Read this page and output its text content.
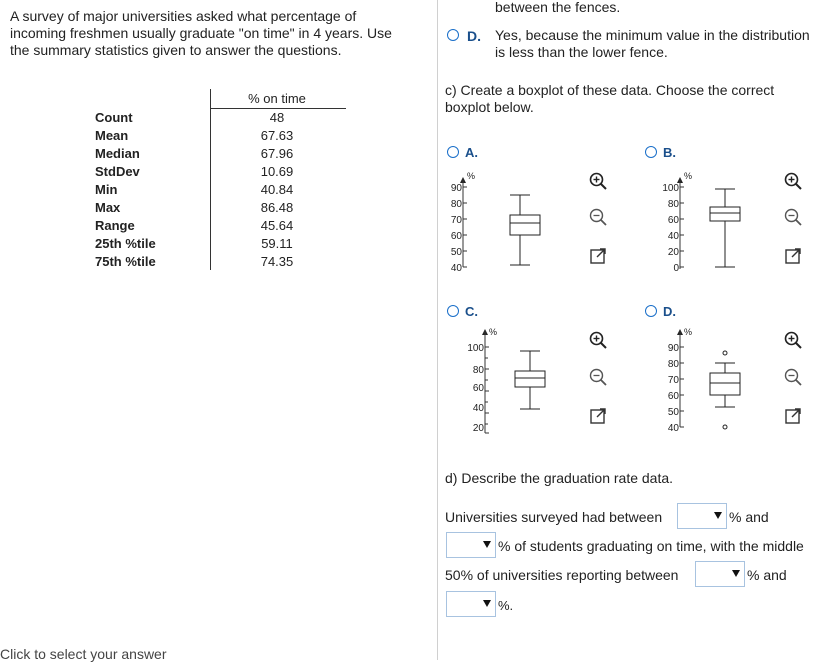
A survey of major universities asked what percentage of
incoming freshmen usually graduate "on time" in 4 years. Use
the summary statistics given to answer the questions.
% on time
Count	48
Mean	67.63
Median	67.96
StdDev	10.69
Min	40.84
Max	86.48
Range	45.64
25th %tile	59.11
75th %tile	74.35
between the fences.
D. Yes, because the minimum value in the distribution
is less than the lower fence.
c) Create a boxplot of these data. Choose the correct
boxplot below.
A.
%
90
80
70
60
50
40
B.
%
100
80
60
40
20
0
C.
%
100
80
60
40
20
D.
%
90
80
70
60
50
40
d) Describe the graduation rate data.
Universities surveyed had between	% and
% of students graduating on time, with the middle
50% of universities reporting between	% and
%.
Click to select your answer
